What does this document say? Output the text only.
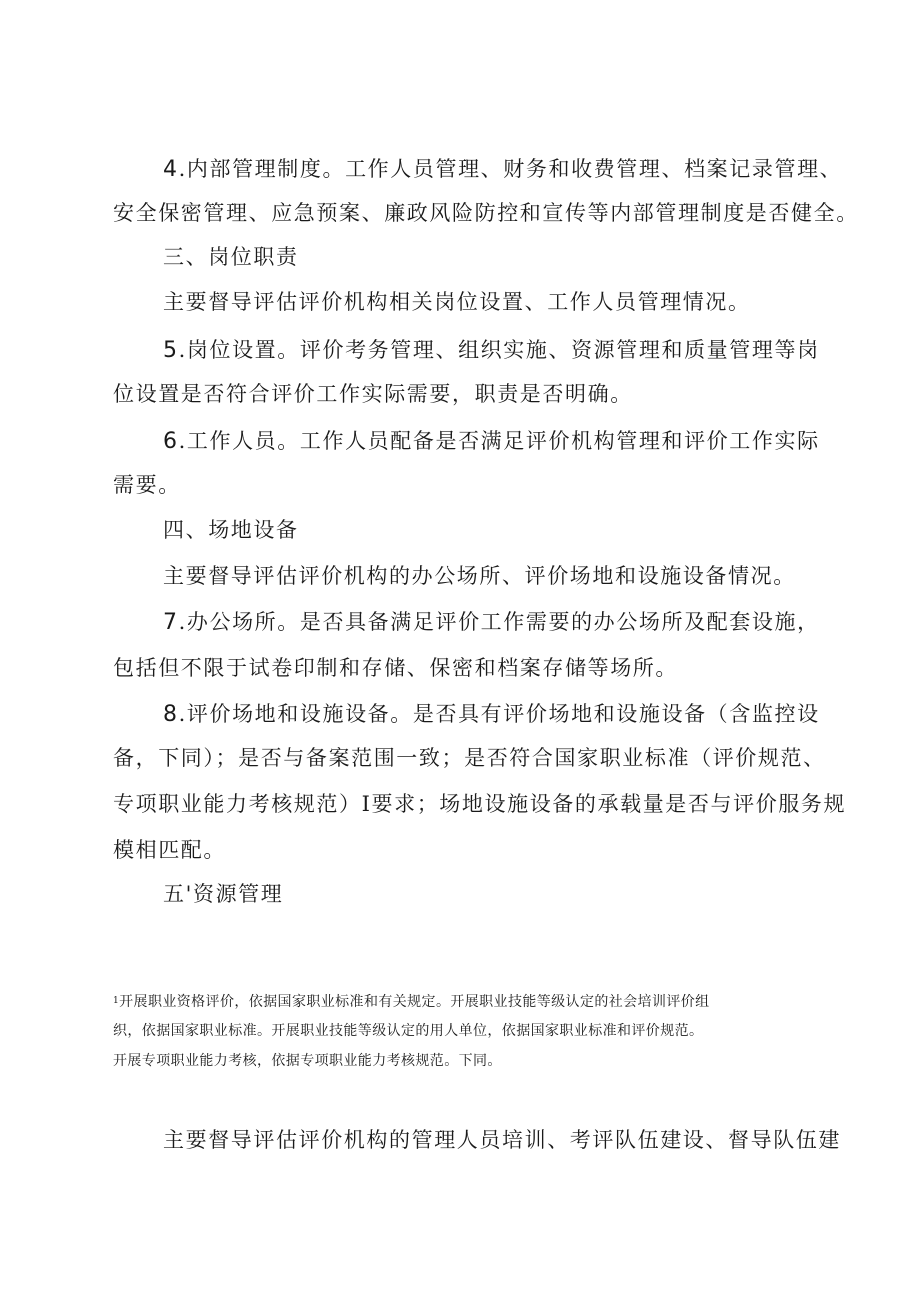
4.内部管理制度。工作人员管理、财务和收费管理、档案记录管理、
安全保密管理、应急预案、廉政风险防控和宣传等内部管理制度是否健全。
三、岗位职责
主要督导评估评价机构相关岗位设置、工作人员管理情况。
5.岗位设置。评价考务管理、组织实施、资源管理和质量管理等岗
位设置是否符合评价工作实际需要，职责是否明确。
6.工作人员。工作人员配备是否满足评价机构管理和评价工作实际
需要。
四、场地设备
主要督导评估评价机构的办公场所、评价场地和设施设备情况。
7.办公场所。是否具备满足评价工作需要的办公场所及配套设施，
包括但不限于试卷印制和存储、保密和档案存储等场所。
8.评价场地和设施设备。是否具有评价场地和设施设备（含监控设
备，下同）；是否与备案范围一致；是否符合国家职业标准（评价规范、
专项职业能力考核规范）I要求；场地设施设备的承载量是否与评价服务规
模相匹配。
五'资源管理
$^1$开展职业资格评价，依据国家职业标准和有关规定。开展职业技能等级认定的社会培训评价组
织，依据国家职业标准。开展职业技能等级认定的用人单位，依据国家职业标准和评价规范。
开展专项职业能力考核，依据专项职业能力考核规范。下同。
主要督导评估评价机构的管理人员培训、考评队伍建设、督导队伍建
